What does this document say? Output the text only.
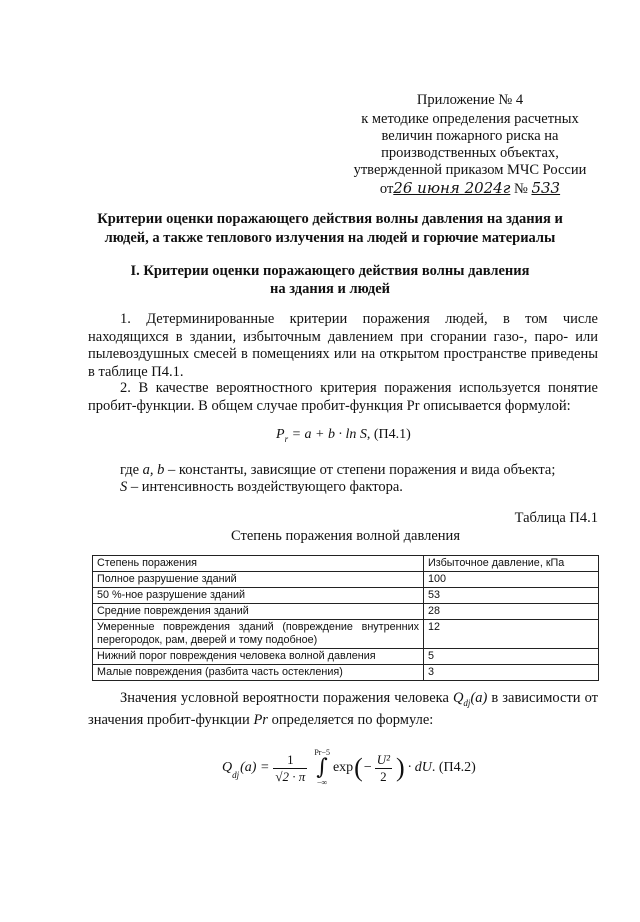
Приложение № 4
к методике определения расчетных
величин пожарного риска на
производственных объектах,
утвержденной приказом МЧС России
от26 июня 2024г № 533
Критерии оценки поражающего действия волны давления на здания и
людей, а также теплового излучения на людей и горючие материалы
I. Критерии оценки поражающего действия волны давления
на здания и людей
1. Детерминированные критерии поражения людей, в том числе находящихся в здании, избыточным давлением при сгорании газо-, паро- или пылевоздушных смесей в помещениях или на открытом пространстве приведены в таблице П4.1.
2. В качестве вероятностного критерия поражения используется понятие пробит-функции. В общем случае пробит-функция Pr описывается формулой:
$P_r = a + b \cdot \ln S$, (П4.1)
где a, b – константы, зависящие от степени поражения и вида объекта;
S – интенсивность воздействующего фактора.
Таблица П4.1
Степень поражения волной давления
Степень поражения	Избыточное давление, кПа
Полное разрушение зданий	100
50 %-ное разрушение зданий	53
Средние повреждения зданий	28
Умеренные повреждения зданий (повреждение внутренних перегородок, рам, дверей и тому подобное)	12
Нижний порог повреждения человека волной давления	5
Малые повреждения (разбита часть остекления)	3
Значения условной вероятности поражения человека $Q_{dj}(a)$ в зависимости от значения пробит-функции Pr определяется по формуле:
Q $_{dj}$ $(a) = \frac{1}{√2 \cdot \pi} Pr-5$
∫
−∞
exp ( − $\frac{\text{U²}}{2}$ ) · dU . (П4.2)
